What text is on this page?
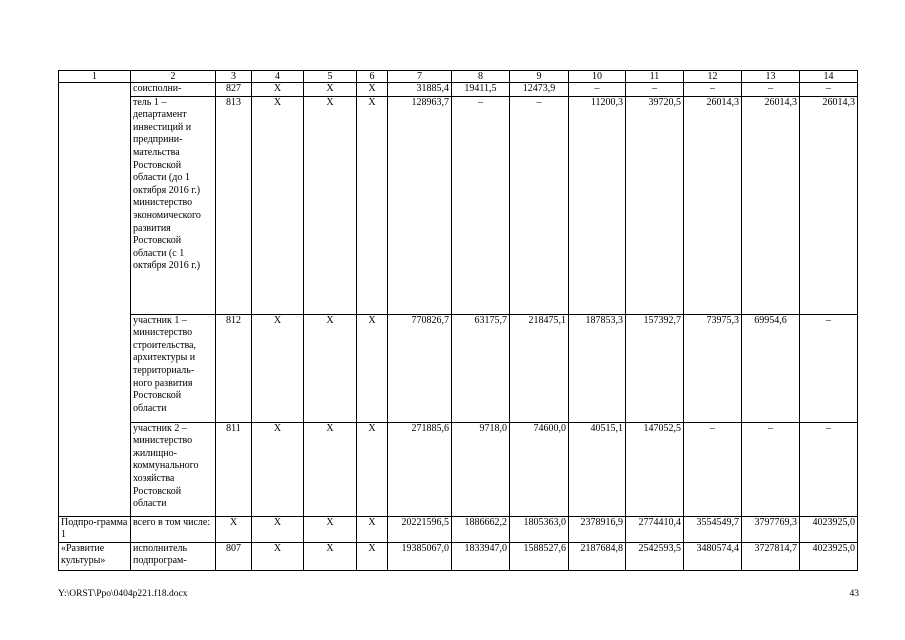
1	2	3	4	5	6	7	8	9	10	11	12	13	14
	соисполни-	827	Х	Х	Х	31885,4	19411,5	12473,9	–	–	–	–	–
	тель 1 – департамент инвестиций и предприни-мательства Ростовской области (до 1 октября 2016 г.) министерство экономического развития Ростовской области (с 1 октября 2016 г.)	813	Х	Х	Х	128963,7	–	–	11200,3	39720,5	26014,3	26014,3	26014,3
	участник 1 – министерство строительства, архитектуры и территориаль-ного развития Ростовской области	812	Х	Х	Х	770826,7	63175,7	218475,1	187853,3	157392,7	73975,3	69954,6	–
	участник 2 – министерство жилищно-коммунального хозяйства Ростовской области	811	Х	Х	Х	271885,6	9718,0	74600,0	40515,1	147052,5	–	–	–
Подпро-грамма 1	всего в том числе:	Х	Х	Х	Х	20221596,5	1886662,2	1805363,0	2378916,9	2774410,4	3554549,7	3797769,3	4023925,0
«Развитие культуры»	исполнитель подпрограм-	807	Х	Х	Х	19385067,0	1833947,0	1588527,6	2187684,8	2542593,5	3480574,4	3727814,7	4023925,0
Y:\ORST\Ppo\0404p221.f18.docx	43
